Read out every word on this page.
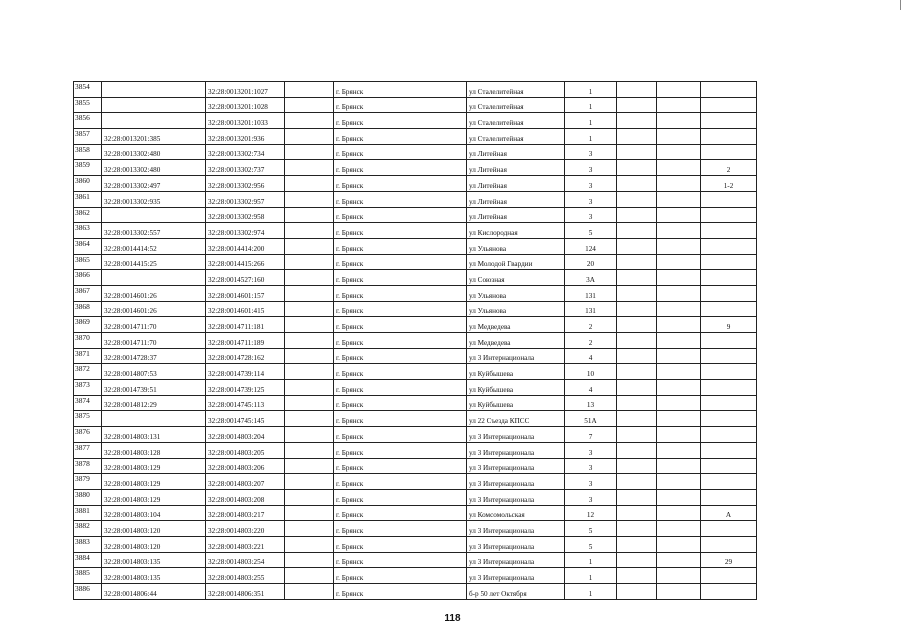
3854		32:28:0013201:1027		г. Брянск	ул Сталелитейная	1			
3855		32:28:0013201:1028		г. Брянск	ул Сталелитейная	1			
3856		32:28:0013201:1033		г. Брянск	ул Сталелитейная	1			
3857	32:28:0013201:385	32:28:0013201:936		г. Брянск	ул Сталелитейная	1			
3858	32:28:0013302:480	32:28:0013302:734		г. Брянск	ул Литейная	3			
3859	32:28:0013302:480	32:28:0013302:737		г. Брянск	ул Литейная	3			2
3860	32:28:0013302:497	32:28:0013302:956		г. Брянск	ул Литейная	3			1-2
3861	32:28:0013302:935	32:28:0013302:957		г. Брянск	ул Литейная	3			
3862		32:28:0013302:958		г. Брянск	ул Литейная	3			
3863	32:28:0013302:557	32:28:0013302:974		г. Брянск	ул Кислородная	5			
3864	32:28:0014414:52	32:28:0014414:200		г. Брянск	ул Ульянова	124			
3865	32:28:0014415:25	32:28:0014415:266		г. Брянск	ул Молодой Гвардии	20			
3866		32:28:0014527:160		г. Брянск	ул Союзная	3А			
3867	32:28:0014601:26	32:28:0014601:157		г. Брянск	ул Ульянова	131			
3868	32:28:0014601:26	32:28:0014601:415		г. Брянск	ул Ульянова	131			
3869	32:28:0014711:70	32:28:0014711:181		г. Брянск	ул Медведева	2			9
3870	32:28:0014711:70	32:28:0014711:189		г. Брянск	ул Медведева	2			
3871	32:28:0014728:37	32:28:0014728:162		г. Брянск	ул 3 Интернационала	4			
3872	32:28:0014807:53	32:28:0014739:114		г. Брянск	ул Куйбышева	10			
3873	32:28:0014739:51	32:28:0014739:125		г. Брянск	ул Куйбышева	4			
3874	32:28:0014812:29	32:28:0014745:113		г. Брянск	ул Куйбышева	13			
3875		32:28:0014745:145		г. Брянск	ул 22 Съезда КПСС	51А			
3876	32:28:0014803:131	32:28:0014803:204		г. Брянск	ул 3 Интернационала	7			
3877	32:28:0014803:128	32:28:0014803:205		г. Брянск	ул 3 Интернационала	3			
3878	32:28:0014803:129	32:28:0014803:206		г. Брянск	ул 3 Интернационала	3			
3879	32:28:0014803:129	32:28:0014803:207		г. Брянск	ул 3 Интернационала	3			
3880	32:28:0014803:129	32:28:0014803:208		г. Брянск	ул 3 Интернационала	3			
3881	32:28:0014803:104	32:28:0014803:217		г. Брянск	ул Комсомольская	12			А
3882	32:28:0014803:120	32:28:0014803:220		г. Брянск	ул 3 Интернационала	5			
3883	32:28:0014803:120	32:28:0014803:221		г. Брянск	ул 3 Интернационала	5			
3884	32:28:0014803:135	32:28:0014803:254		г. Брянск	ул 3 Интернационала	1			29
3885	32:28:0014803:135	32:28:0014803:255		г. Брянск	ул 3 Интернационала	1			
3886	32:28:0014806:44	32:28:0014806:351		г. Брянск	б-р 50 лет Октября	1			
118
